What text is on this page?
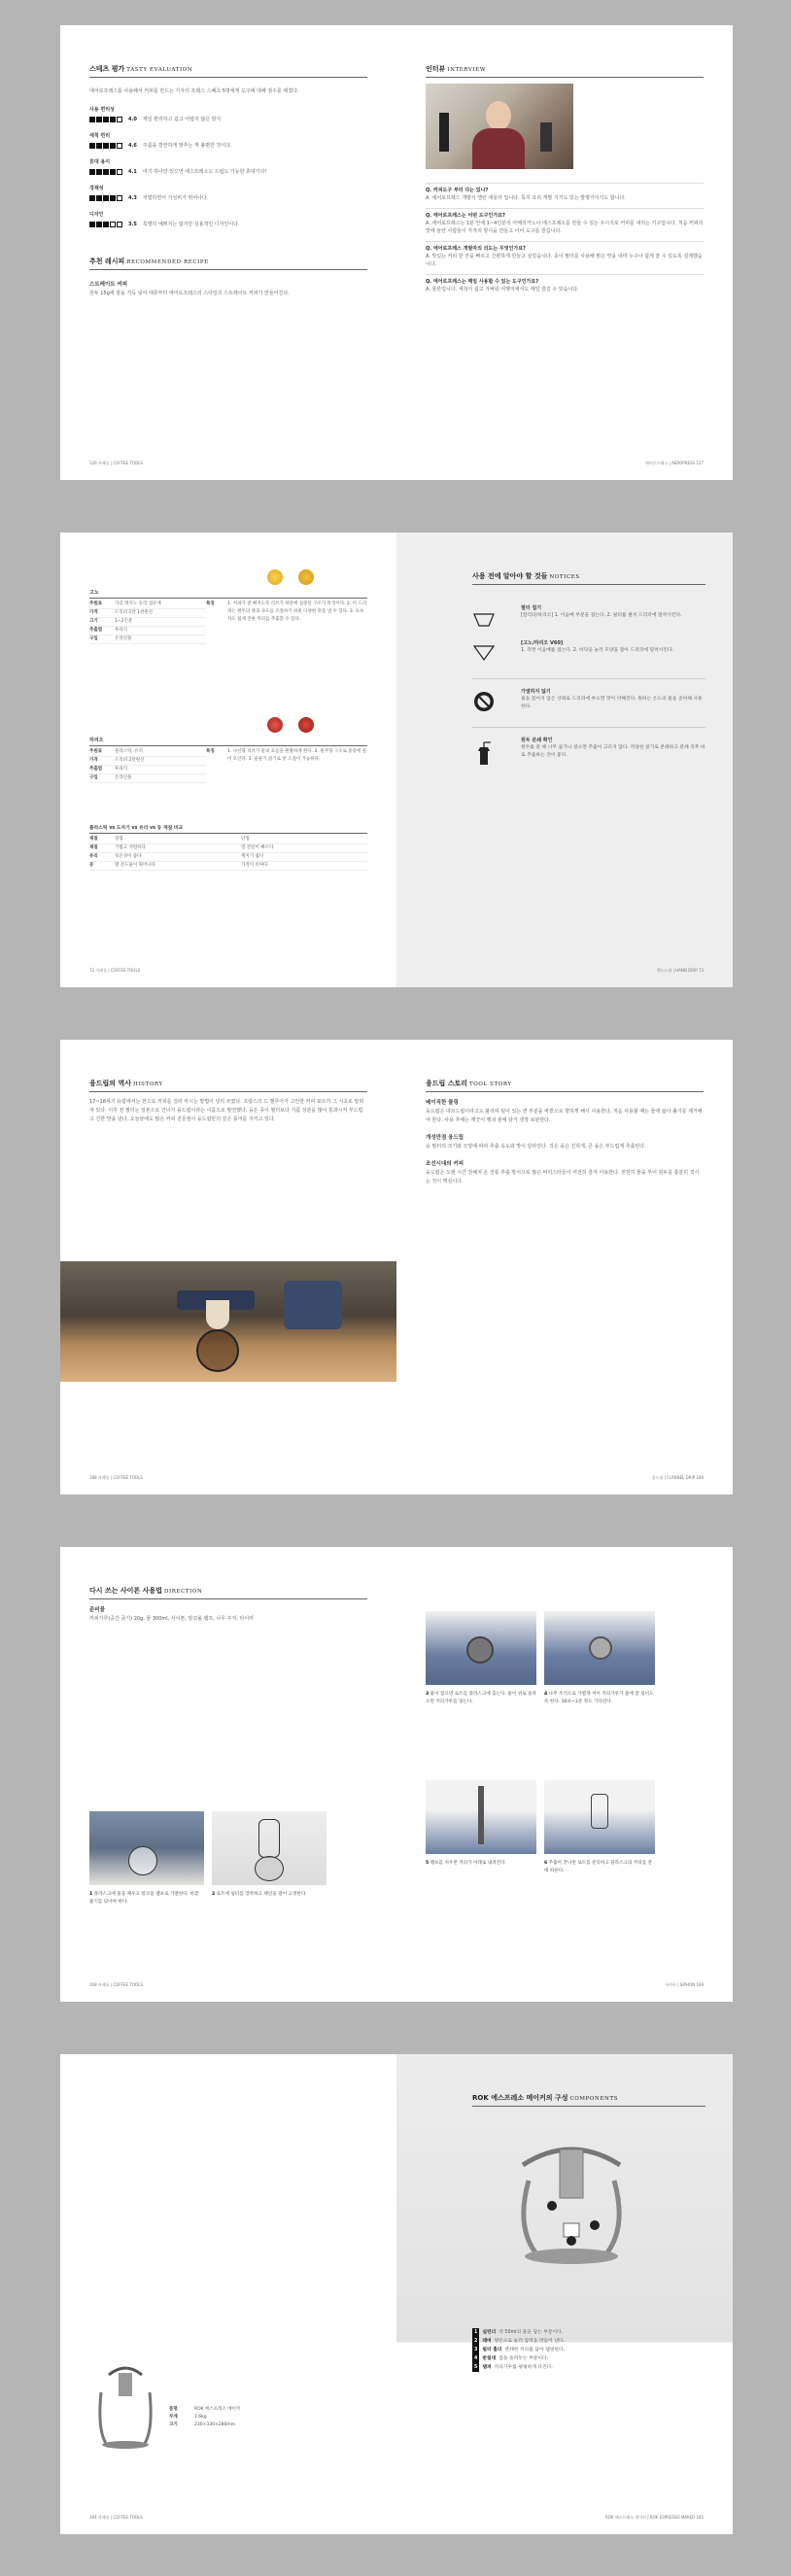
스테츠 평가 TASTY EVALUATION
에어로프레스를 사용해서 커피를 만드는 기자의 프레스 스페츠 5명에게 도구에 대해 점수를 매겼다.
사용 편리성
4.0 제일 편리하고 쉽고 어렵지 않은 방식
세척 편리
4.6 주름을 깔끔하게 맞추는 게 불편한 것이다.
휴대 용이
4.1 여기 하나만 있으면 에스프레소도 드립도 가능한 휴대기다!
경제성
4.3 저렴하면서 가성비가 뛰어나다.
디자인
3.5 특별히 예쁘지는 않지만 실용적인 디자인이다.
추천 레시피 RECOMMENDED RECIPE
스트레이트 커피
원두 15g에 물을 가득 넣어 대류부터 에어로프레스의 스타일의 스트레이트 커피가 만들어진다.
126 카페를 | COFFEE TOOLS
인터뷰 INTERVIEW
Q. 커피도구 부터 다는 있나?
A. 에어로프레스 개발자 앨런 애들러 입니다. 특히 요리 개발 기기도 있는 발명가이기도 합니다.
Q. 에어로프레스는 어떤 도구인가요?
A. 에어로프레스는 1분 안에 1~4인분의 아메리카노나 에스프레소를 만들 수 있는 우시지로 커피를 내리는 기구입니다. 처음 커피의 맛에 놀란 사람들이 각자의 방식을 만들고 이어 도구를 즐깁니다.
Q. 에어로프레스 개발자의 의도는 무엇인가요?
A. 맛있는 커피 한 잔을 빠르고 간편하게 만들고 싶었습니다. 종이 필터를 사용해 맑은 맛을 내며 누구나 쉽게 쓸 수 있도록 설계했습니다.
Q. 에어로프레스는 매일 사용할 수 있는 도구인가요?
A. 물론입니다. 세척이 쉽고 가벼워 여행지에서도 매일 즐길 수 있습니다.
에어로프레스 | AEROPRESS 127
고노
주원료	가공 레지노 유리 섬유재
가격	드리퍼 1만 1천원선
크기	1~2인분
추출법	투과식
구입	온라인몰
특징	1. 커피가 잘 빠지도록 리브가 하단에 집중된 구조가 특징이다. 2. 이 드리퍼는 원두의 양과 속도를 조절하기 쉬워 다양한 맛을 낼 수 있다. 3. 초보자도 쉽게 진한 커피를 추출할 수 있다.
하리오
주원료	플라스틱, 유리
가격	드리퍼 2만원선
추출법	투과식
구입	온라인몰
특징	1. 나선형 리브가 물의 흐름을 원활하게 한다. 2. 원추형 구조로 중앙에 물이 모인다. 3. 물줄기 굵기로 맛 조절이 가능하다.
플라스틱 vs 도자기 vs 유리 vs 동 재질 비교
재질	장점	단점
재질	가볍고 저렴하다	열 전달이 빠르다
유리	보온성이 좋다	깨지기 쉽다
동	열 전도율이 뛰어나다	가격이 비싸다
72 카페를 | COFFEE TOOLS
사용 전에 알아야 할 것들 NOTICES
필터 접기
[칼리타/하리오] 1. 이음매 부분을 접는다. 2. 필터를 펼쳐 드리퍼에 밀착시킨다.
[고노/하리오 V60]
1. 측면 이음매를 접는다. 2. 바닥을 눌러 모양을 잡아 드리퍼에 밀착시킨다.
가열하지 않기
물을 끓이지 않은 상태로 드리퍼에 부으면 맛이 약해진다. 원하는 온도의 물을 준비해 사용한다.
원두 분쇄 확인
원두를 갈 때 너무 곱거나 굵으면 추출이 고르지 않다. 적당한 굵기로 분쇄하고 분쇄 직후 바로 추출하는 것이 좋다.
핸드드립 | HAND DRIP 73
융드립의 역사 HISTORY
17~18세기 유럽에서는 천으로 커피를 걸러 마시는 방법이 널리 쓰였다. 프랑스의 드 벨루아가 고안한 커피 포트가 그 시초로 알려져 있다. 이후 천 필터는 일본으로 건너가 융드립이라는 이름으로 발전했다. 융은 종이 필터보다 기름 성분을 많이 통과시켜 부드럽고 진한 맛을 낸다. 오늘날에도 많은 커피 전문점이 융드립만의 깊은 풍미를 지키고 있다.
188 카페를 | COFFEE TOOLS
융드립 스토리 TOOL STORY
베이직한 쿨링
융드립은 네르드립이라고도 불리며 털이 있는 면 부분을 바깥으로 향하게 해서 사용한다. 처음 사용할 때는 물에 삶아 풀기를 제거해야 한다. 사용 후에는 깨끗이 헹궈 물에 담가 냉장 보관한다.
개성만점 융드립
융 필터의 크기와 모양에 따라 추출 속도와 맛이 달라진다. 작은 융은 진하게, 큰 융은 부드럽게 추출된다.
조선시대의 커피
융드립은 오랜 시간 전해져 온 전통 추출 방식으로 많은 바리스타들이 여전히 즐겨 사용한다. 천천히 물을 부어 원두를 충분히 적시는 것이 핵심이다.
융드립 | FLANNEL DRIP 189
다시 쓰는 사이폰 사용법 DIRECTION
준비물
커피가루(중간 굵기) 20g, 물 300ml, 사이폰, 알코올 램프, 나무 주걱, 타이머
1 플라스크에 물을 채우고 알코올 램프로 가열한다. 바깥 물기를 닦아야 한다.
2 로트에 필터를 장착하고 체인을 걸어 고정한다.
168 카페를 | COFFEE TOOLS
3 물이 끓으면 로트를 플라스크에 꽂는다. 물이 위로 올라오면 커피가루를 넣는다.
4 나무 주걱으로 가볍게 저어 커피가루가 물에 잘 섞이도록 한다. 30초~1분 정도 기다린다.
5 램프를 치우면 커피가 아래로 내려간다.	6 추출이 끝나면 로트를 분리하고 플라스크의 커피를 잔에 따른다.
사이폰 | SIPHON 169
품명	ROK 에스프레소 메이커
무게	1.6kg
크기	230×330×280mm
184 카페를 | COFFEE TOOLS
ROK 에스프레소 메이커의 구성 COMPONENTS
1 실린더 약 50ml의 물을 담는 부분이다.
2 레버 양손으로 눌러 압력을 만들어 낸다.
3 필터 홀더 분쇄한 커피를 담아 탬핑한다.
4 받침대 컵을 올려두는 부분이다.
5 탬퍼 커피가루를 평평하게 다진다.
ROK 에스프레소 메이커 | ROK ESPRESSO MAKER 185
